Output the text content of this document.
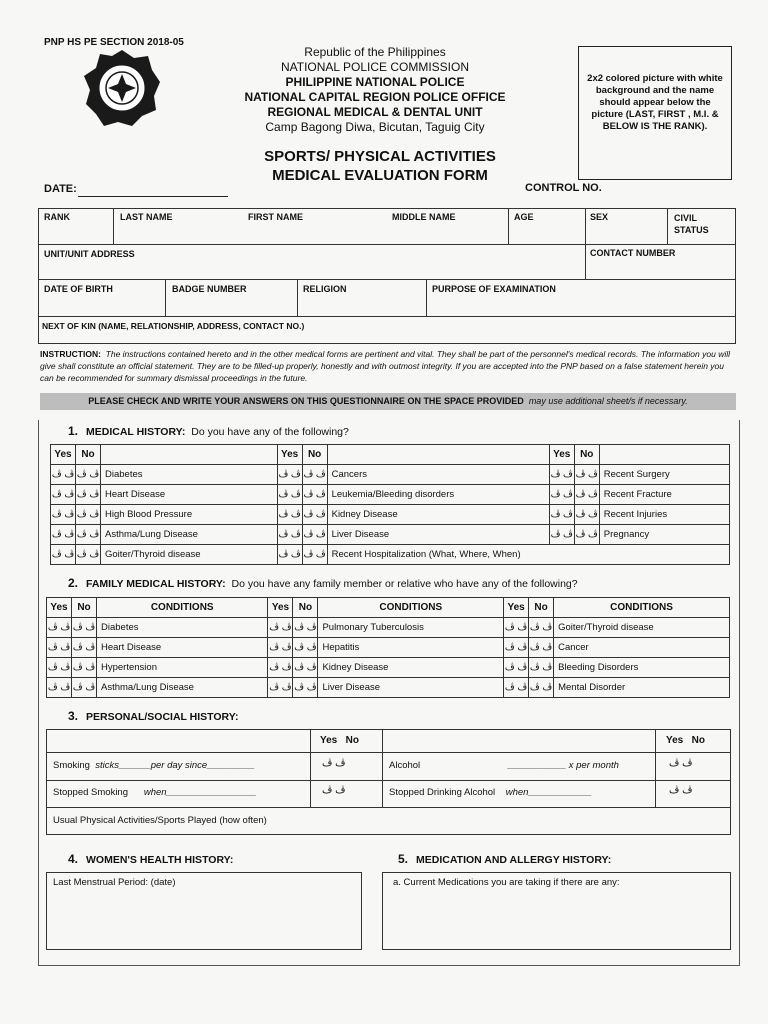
PNP HS PE SECTION 2018-05
Republic of the Philippines
NATIONAL POLICE COMMISSION
PHILIPPINE NATIONAL POLICE
NATIONAL CAPITAL REGION POLICE OFFICE
REGIONAL MEDICAL & DENTAL UNIT
Camp Bagong Diwa, Bicutan, Taguig City
2x2 colored picture with white background and the name should appear below the picture (LAST, FIRST , M.I. & BELOW IS THE RANK).
SPORTS/ PHYSICAL ACTIVITIES
MEDICAL EVALUATION FORM
DATE:	CONTROL NO.
RANK	LAST NAME	FIRST NAME	MIDDLE NAME	AGE	SEX	CIVIL STATUS
UNIT/UNIT ADDRESS	CONTACT NUMBER
DATE OF BIRTH	BADGE NUMBER	RELIGION	PURPOSE OF EXAMINATION
NEXT OF KIN (NAME, RELATIONSHIP, ADDRESS, CONTACT NO.)
INSTRUCTION: The instructions contained hereto and in the other medical forms are pertinent and vital. They shall be part of the personnel's medical records. The information you will give shall constitute an official statement. They are to be filled-up properly, honestly and with outmost integrity. If you are accepted into the PNP based on a false statement herein you can be recommended for summary dismissal proceedings in the future.
PLEASE CHECK AND WRITE YOUR ANSWERS ON THIS QUESTIONNAIRE ON THE SPACE PROVIDED may use additional sheet/s if necessary.
1. MEDICAL HISTORY: Do you have any of the following?
Yes	No		Yes	No		Yes	No	
ڤ ڤ	ڤ ڤ	Diabetes	ڤ ڤ	ڤ ڤ	Cancers	ڤ ڤ	ڤ ڤ	Recent Surgery
ڤ ڤ	ڤ ڤ	Heart Disease	ڤ ڤ	ڤ ڤ	Leukemia/Bleeding disorders	ڤ ڤ	ڤ ڤ	Recent Fracture
ڤ ڤ	ڤ ڤ	High Blood Pressure	ڤ ڤ	ڤ ڤ	Kidney Disease	ڤ ڤ	ڤ ڤ	Recent Injuries
ڤ ڤ	ڤ ڤ	Asthma/Lung Disease	ڤ ڤ	ڤ ڤ	Liver Disease	ڤ ڤ	ڤ ڤ	Pregnancy
ڤ ڤ	ڤ ڤ	Goiter/Thyroid disease	ڤ ڤ	ڤ ڤ	Recent Hospitalization (What, Where, When)			
2. FAMILY MEDICAL HISTORY: Do you have any family member or relative who have any of the following?
Yes	No	CONDITIONS	Yes	No	CONDITIONS	Yes	No	CONDITIONS
ڤ ڤ	ڤ ڤ	Diabetes	ڤ ڤ	ڤ ڤ	Pulmonary Tuberculosis	ڤ ڤ	ڤ ڤ	Goiter/Thyroid disease
ڤ ڤ	ڤ ڤ	Heart Disease	ڤ ڤ	ڤ ڤ	Hepatitis	ڤ ڤ	ڤ ڤ	Cancer
ڤ ڤ	ڤ ڤ	Hypertension	ڤ ڤ	ڤ ڤ	Kidney Disease	ڤ ڤ	ڤ ڤ	Bleeding Disorders
ڤ ڤ	ڤ ڤ	Asthma/Lung Disease	ڤ ڤ	ڤ ڤ	Liver Disease	ڤ ڤ	ڤ ڤ	Mental Disorder
3. PERSONAL/SOCIAL HISTORY:
Yes No	Yes No
Smoking sticks______per day since_________	ڤ ڤ	Alcohol	___________ x per month	ڤ ڤ
Stopped Smoking when_________________	ڤ ڤ	Stopped Drinking Alcohol when____________	ڤ ڤ
Usual Physical Activities/Sports Played (how often)
4. WOMEN'S HEALTH HISTORY:	5. MEDICATION AND ALLERGY HISTORY:
Last Menstrual Period: (date)	a. Current Medications you are taking if there are any:
